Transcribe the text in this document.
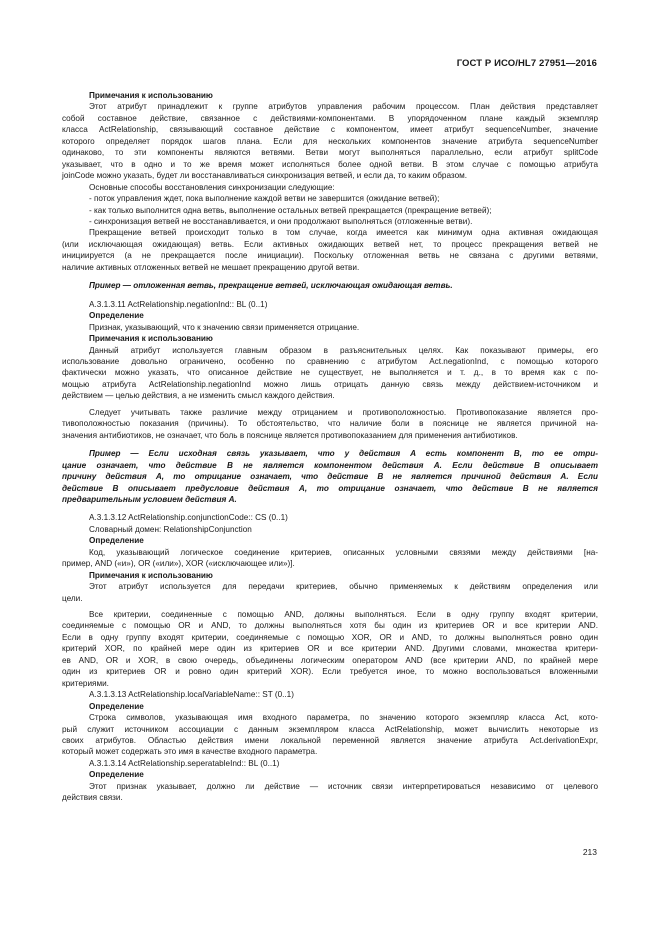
ГОСТ Р ИСО/HL7 27951—2016
Примечания к использованию
Этот атрибут принадлежит к группе атрибутов управления рабочим процессом. План действия представляет
собой составное действие, связанное с действиями-компонентами. В упорядоченном плане каждый экземпляр
класса ActRelationship, связывающий составное действие с компонентом, имеет атрибут sequenceNumber, значение
которого определяет порядок шагов плана. Если для нескольких компонентов значение атрибута sequenceNumber
одинаково, то эти компоненты являются ветвями. Ветви могут выполняться параллельно, если атрибут splitCode
указывает, что в одно и то же время может исполняться более одной ветви. В этом случае с помощью атрибута
joinCode можно указать, будет ли восстанавливаться синхронизация ветвей, и если да, то каким образом.
Основные способы восстановления синхронизации следующие:
- поток управления ждет, пока выполнение каждой ветви не завершится (ожидание ветвей);
- как только выполнится одна ветвь, выполнение остальных ветвей прекращается (прекращение ветвей);
- синхронизация ветвей не восстанавливается, и они продолжают выполняться (отложенные ветви).
Прекращение ветвей происходит только в том случае, когда имеется как минимум одна активная ожидающая
(или исключающая ожидающая) ветвь. Если активных ожидающих ветвей нет, то процесс прекращения ветвей не
инициируется (а не прекращается после инициации). Поскольку отложенная ветвь не связана с другими ветвями,
наличие активных отложенных ветвей не мешает прекращению другой ветви.
Пример — отложенная ветвь, прекращение ветвей, исключающая ожидающая ветвь.
A.3.1.3.11 ActRelationship.negationInd:: BL (0..1)
Определение
Признак, указывающий, что к значению связи применяется отрицание.
Примечания к использованию
Данный атрибут используется главным образом в разъяснительных целях. Как показывают примеры, его
использование довольно ограничено, особенно по сравнению с атрибутом Act.negationInd, с помощью которого
фактически можно указать, что описанное действие не существует, не выполняется и т. д., в то время как с по-
мощью атрибута ActRelationship.negationInd можно лишь отрицать данную связь между действием-источником и
действием — целью действия, а не изменить смысл каждого действия.
Следует учитывать также различие между отрицанием и противоположностью. Противопоказание является про-
тивоположностью показания (причины). То обстоятельство, что наличие боли в пояснице не является причиной на-
значения антибиотиков, не означает, что боль в пояснице является противопоказанием для применения антибиотиков.
Пример — Если исходная связь указывает, что у действия A есть компонент B, то ее отри-
цание означает, что действие B не является компонентом действия A. Если действие B описывает
причину действия A, то отрицание означает, что действие B не является причиной действия A. Если
действие B описывает предусловие действия A, то отрицание означает, что действие B не является
предварительным условием действия A.
A.3.1.3.12 ActRelationship.conjunctionCode:: CS (0..1)
Словарный домен: RelationshipConjunction
Определение
Код, указывающий логическое соединение критериев, описанных условными связями между действиями [на-
пример, AND («и»), OR («или»), XOR («исключающее или»)].
Примечания к использованию
Этот атрибут используется для передачи критериев, обычно применяемых к действиям определения или
цели.
Все критерии, соединенные с помощью AND, должны выполняться. Если в одну группу входят критерии,
соединяемые с помощью OR и AND, то должны выполняться хотя бы один из критериев OR и все критерии AND.
Если в одну группу входят критерии, соединяемые с помощью XOR, OR и AND, то должны выполняться ровно один
критерий XOR, по крайней мере один из критериев OR и все критерии AND. Другими словами, множества критери-
ев AND, OR и XOR, в свою очередь, объединены логическим оператором AND (все критерии AND, по крайней мере
один из критериев OR и ровно один критерий XOR). Если требуется иное, то можно воспользоваться вложенными
критериями.
A.3.1.3.13 ActRelationship.localVariableName:: ST (0..1)
Определение
Строка символов, указывающая имя входного параметра, по значению которого экземпляр класса Act, кото-
рый служит источником ассоциации с данным экземпляром класса ActRelationship, может вычислить некоторые из
своих атрибутов. Областью действия имени локальной переменной является значение атрибута Act.derivationExpr,
который может содержать это имя в качестве входного параметра.
A.3.1.3.14 ActRelationship.seperatableInd:: BL (0..1)
Определение
Этот признак указывает, должно ли действие — источник связи интерпретироваться независимо от целевого
действия связи.
213
